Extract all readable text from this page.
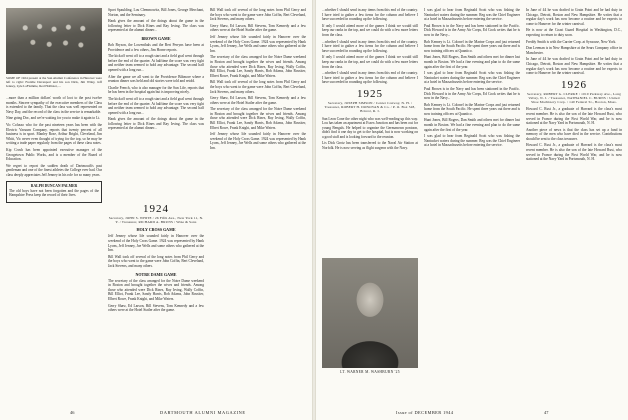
SOME OF 1924 present at the Sun Alumni Conference in Hanover were left to right: Freddie Davenport and his son Dick, Jim Wiley, Jeff Jenney, Lyle LaFlamme, Red Hollister, ...

...more than a million dollars' worth of loot to the post twelve months. Sincere sympathy of the executive members of the Class is extended to the family. That the class was well represented on Navy Day, and the record of the class in the service is remarkable.

Nine going Doc, and we're waiting for you to make it again to Lt.

Vic Colusso who for the past nineteen years has been with the Electric Vacuum Company, reports that twenty percent of all business is in sport. Manley Rose, Arthur Bright, Cleveland, Jim Whitt, Vic never even thought of trying for the top, so he may be writing a trade paper regularly from the pages of these class notes.

Kip Crosh has been appointed executive manager of the Georgetown Public Works, and is a member of the Board of Education.

We regret to report the sudden death of Dartmouth's past gentleman and one of the finest athletes the College ever had. Our class deeply appreciates Jeff Jenney in his role for so many years.

RALPH DUNCAN PALMER

The old boys have not been forgotten and the pages of the Hampshire Press keep the record of their lives.

Sport Spaulding, Lou Clemmowitz, Bill Jones, George Merchant, Norton, and the Seminary.

Hank gives the amount of the doings about the game in the following letter to Dick Rines and Ray Irving. The class was represented at the alumni dinner...

BROWN GAME

Bob Bryson, the Lowenthals and the Bert Perryns have been at Providence and a few others, Jim Horne reports.

The kickoff went off to a rough start and a field goal went through before the end of the quarter. At halftime the score was very tight and neither team seemed to hold any advantage. The second half opened with a long run...

After the game we all went to the Providence Biltmore where a reunion dinner was held and old stories were told and retold.

Charlie French, who is also manager for the Sun Life, reports that he has been in the hospital again but is improving nicely.

The kickoff went off to a rough start and a field goal went through before the end of the quarter. At halftime the score was very tight and neither team seemed to hold any advantage. The second half opened with a long run...

Hank gives the amount of the doings about the game in the following letter to Dick Rines and Ray Irving. The class was represented at the alumni dinner...

Bill Wall took off several of the long notes from Phil Gerry and the boys who went to the game were John Coffin, Bert Cleveland, Jack Stevens, and many others.

Gerry Shaw, Ed Larson, Bill Stevens, Tom Kennedy and a few others were at the Hotel Statler after the game.

Jeff Jenney whose life sounded fairly in Hanover over the weekend of the Holy Cross Game. 1924 was represented by Hank Lyons, Jeff Jenney, Joe Wells and some others who gathered at the Inn.

The secretary of the class arranged for the Notre Dame weekend in Boston and brought together the wives and friends. Among those who attended were Dick Rines, Ray Irving, Wally Coffin, Bill Elliot, Frank Lee, Sandy Harris, Bob Adams, John Rossiter, Elbert Rowe, Frank Knight, and Mike Waters.

Bill Wall took off several of the long notes from Phil Gerry and the boys who went to the game were John Coffin, Bert Cleveland, Jack Stevens, and many others.

Gerry Shaw, Ed Larson, Bill Stevens, Tom Kennedy and a few others were at the Hotel Statler after the game.

The secretary of the class arranged for the Notre Dame weekend in Boston and brought together the wives and friends. Among those who attended were Dick Rines, Ray Irving, Wally Coffin, Bill Elliot, Frank Lee, Sandy Harris, Bob Adams, John Rossiter, Elbert Rowe, Frank Knight, and Mike Waters.

Jeff Jenney whose life sounded fairly in Hanover over the weekend of the Holy Cross Game. 1924 was represented by Hank Lyons, Jeff Jenney, Joe Wells and some others who gathered at the Inn.

1924
Secretary, JOHN S. WHITE / 26 Fifth Ave., New York 11, N. Y. / Treasurer, RICHARD A. BRUNS / Wine & Sons
HOLY CROSS GAME

Jeff Jenney whose life sounded fairly in Hanover over the weekend of the Holy Cross Game. 1924 was represented by Hank Lyons, Jeff Jenney, Joe Wells and some others who gathered at the Inn.

Bill Wall took off several of the long notes from Phil Gerry and the boys who went to the game were John Coffin, Bert Cleveland, Jack Stevens, and many others.

NOTRE DAME GAME

The secretary of the class arranged for the Notre Dame weekend in Boston and brought together the wives and friends. Among those who attended were Dick Rines, Ray Irving, Wally Coffin, Bill Elliot, Frank Lee, Sandy Harris, Bob Adams, John Rossiter, Elbert Rowe, Frank Knight, and Mike Waters.

Gerry Shaw, Ed Larson, Bill Stevens, Tom Kennedy and a few others were at the Hotel Statler after the game.

46	DARTMOUTH ALUMNI MAGAZINE

...whether I should send in any items from this end of the country. I have tried to gather a few items for the column and believe I have succeeded in rounding up the following.

If only I would attend more of the games I think we would still keep our ranks in the top, and we could do with a few more letters from the class.

...whether I should send in any items from this end of the country. I have tried to gather a few items for the column and believe I have succeeded in rounding up the following.

If only I would attend more of the games I think we would still keep our ranks in the top, and we could do with a few more letters from the class.

...whether I should send in any items from this end of the country. I have tried to gather a few items for the column and believe I have succeeded in rounding up the following.

1925
Secretary, JOSEPH SIMSON / Center Conway, N. H. / Treasurer, ROBERT H. DONOVAN & Co. / P. O. Box 528, Bristol, R. I.

San Leon Cone the other night who was well-reading up this way. Lou has taken an apartment at Essex Junction and has been out for young Bengals. He helped to organize the Germanown pontoon, didn't find it one day to get to the hospital, but is now working on a good staff and is looking forward to the reunion.

Lis Dick Grotz has been transferred to the Naval Air Station at Norfolk. He is now serving as flight surgeon with the Navy.

LT. WARNER M. WASHBURN '25

I was glad to hear from Reginald Scott who was fishing the Nantucket waters during the summer. Reg was the Chief Engineer at a hotel in Massachusetts before entering the service.

Paul Brown is in the Navy and has been stationed in the Pacific. Dick Howard is in the Army Air Corps, Ed Cook writes that he is now in the Navy...

Bob Kenney is Lt. Colonel in the Marine Corps and just returned home from the South Pacific. He spent three years out there and is now training officers at Quantico.

Hunt Jones, Bill Rogers, Dan Smith and others met for dinner last month in Boston. We had a fine evening and plan to do the same again after the first of the year.

I was glad to hear from Reginald Scott who was fishing the Nantucket waters during the summer. Reg was the Chief Engineer at a hotel in Massachusetts before entering the service.

Paul Brown is in the Navy and has been stationed in the Pacific. Dick Howard is in the Army Air Corps, Ed Cook writes that he is now in the Navy...

Bob Kenney is Lt. Colonel in the Marine Corps and just returned home from the South Pacific. He spent three years out there and is now training officers at Quantico.

Hunt Jones, Bill Rogers, Dan Smith and others met for dinner last month in Boston. We had a fine evening and plan to do the same again after the first of the year.

I was glad to hear from Reginald Scott who was fishing the Nantucket waters during the summer. Reg was the Chief Engineer at a hotel in Massachusetts before entering the service.

In June of 44 he was drafted to Grain Point and he had duty in Chicago, Detroit, Boston and New Hampshire. He writes that a regular day's work has now become a routine and he expects to come to Hanover for the winter carnival.

He is now at the Coast Guard Hospital in Washington, D.C., expecting to return to duty soon.

Freddy Smith is with the Carrier Corp. at Syracuse, New York.

Don Leeman is in New Hampshire at the Sears Company office in Manchester.

In June of 44 he was drafted to Grain Point and he had duty in Chicago, Detroit, Boston and New Hampshire. He writes that a regular day's work has now become a routine and he expects to come to Hanover for the winter carnival.

1926
Secretary, ROBERT G. CLERKE / 1010 Parkway Ave., Long Valley, N. J. / Treasurer, NATHANIEL C. BURNS / United Shoe Machinery Corp. / 140 Federal St., Boston, Mass.

Howard C. Rust Jr., a graduate of Harvard is the class's most recent member. He is also the son of the late Howard Rust, who served in France during the First World War, and he is now stationed at the Navy Yard in Portsmouth, N. H.

Another piece of news is that the class has set up a fund in memory of the men who have died in the service. Contributions should be sent to the class treasurer.

Howard C. Rust Jr., a graduate of Harvard is the class's most recent member. He is also the son of the late Howard Rust, who served in France during the First World War, and he is now stationed at the Navy Yard in Portsmouth, N. H.

Issue of DECEMBER 1944	47
